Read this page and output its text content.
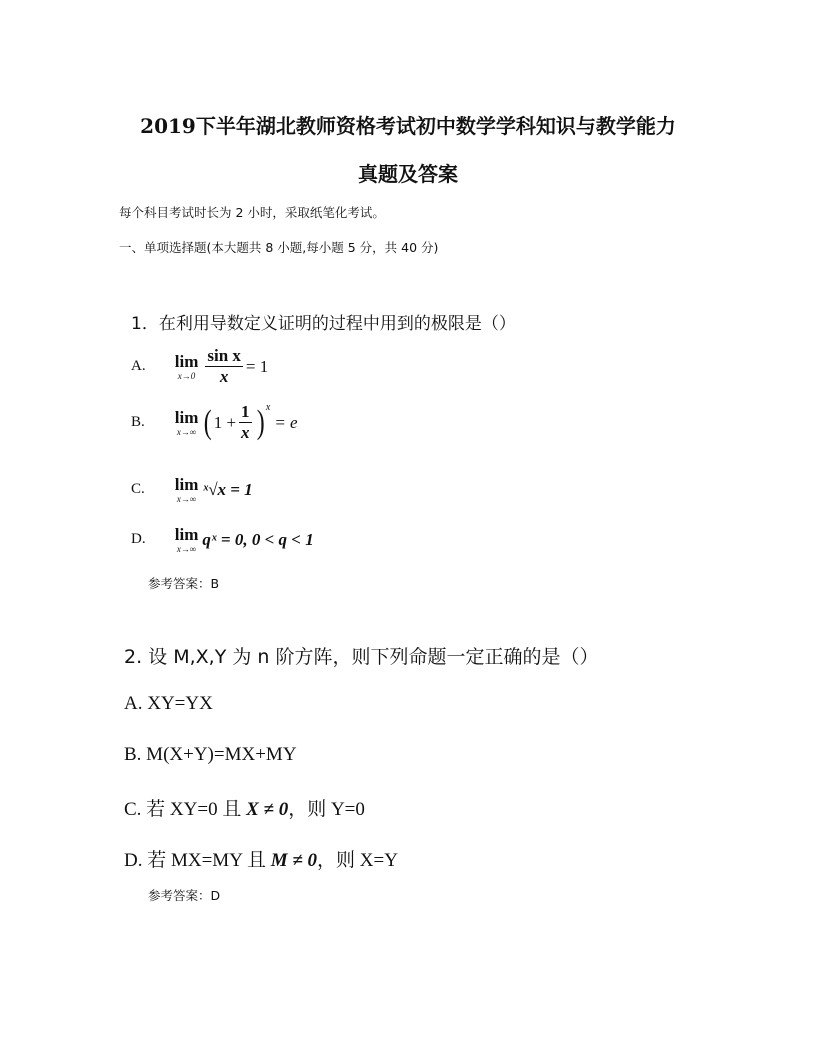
2019下半年湖北教师资格考试初中数学学科知识与教学能力
真题及答案
每个科目考试时长为 2 小时，采取纸笔化考试。
一、单项选择题(本大题共 8 小题,每小题 5 分，共 40 分)
1．在利用导数定义证明的过程中用到的极限是（）
A. lim
$x\to 0 \frac{\text{sin x}}{x} = 1$
B. lim
x→∞ ( $1 + \frac{1}{x} )^x$
= e
C. lim
x→∞ ˣ√x = 1
D. lim
x→∞ qˣ = 0, 0 < q < 1
参考答案：B
2. 设 M,X,Y 为 n 阶方阵，则下列命题一定正确的是（）
A. XY=YX
B. M(X+Y)=MX+MY
C. 若 XY=0 且 X ≠ 0，则 Y=0
D. 若 MX=MY 且 M ≠ 0，则 X=Y
参考答案：D
